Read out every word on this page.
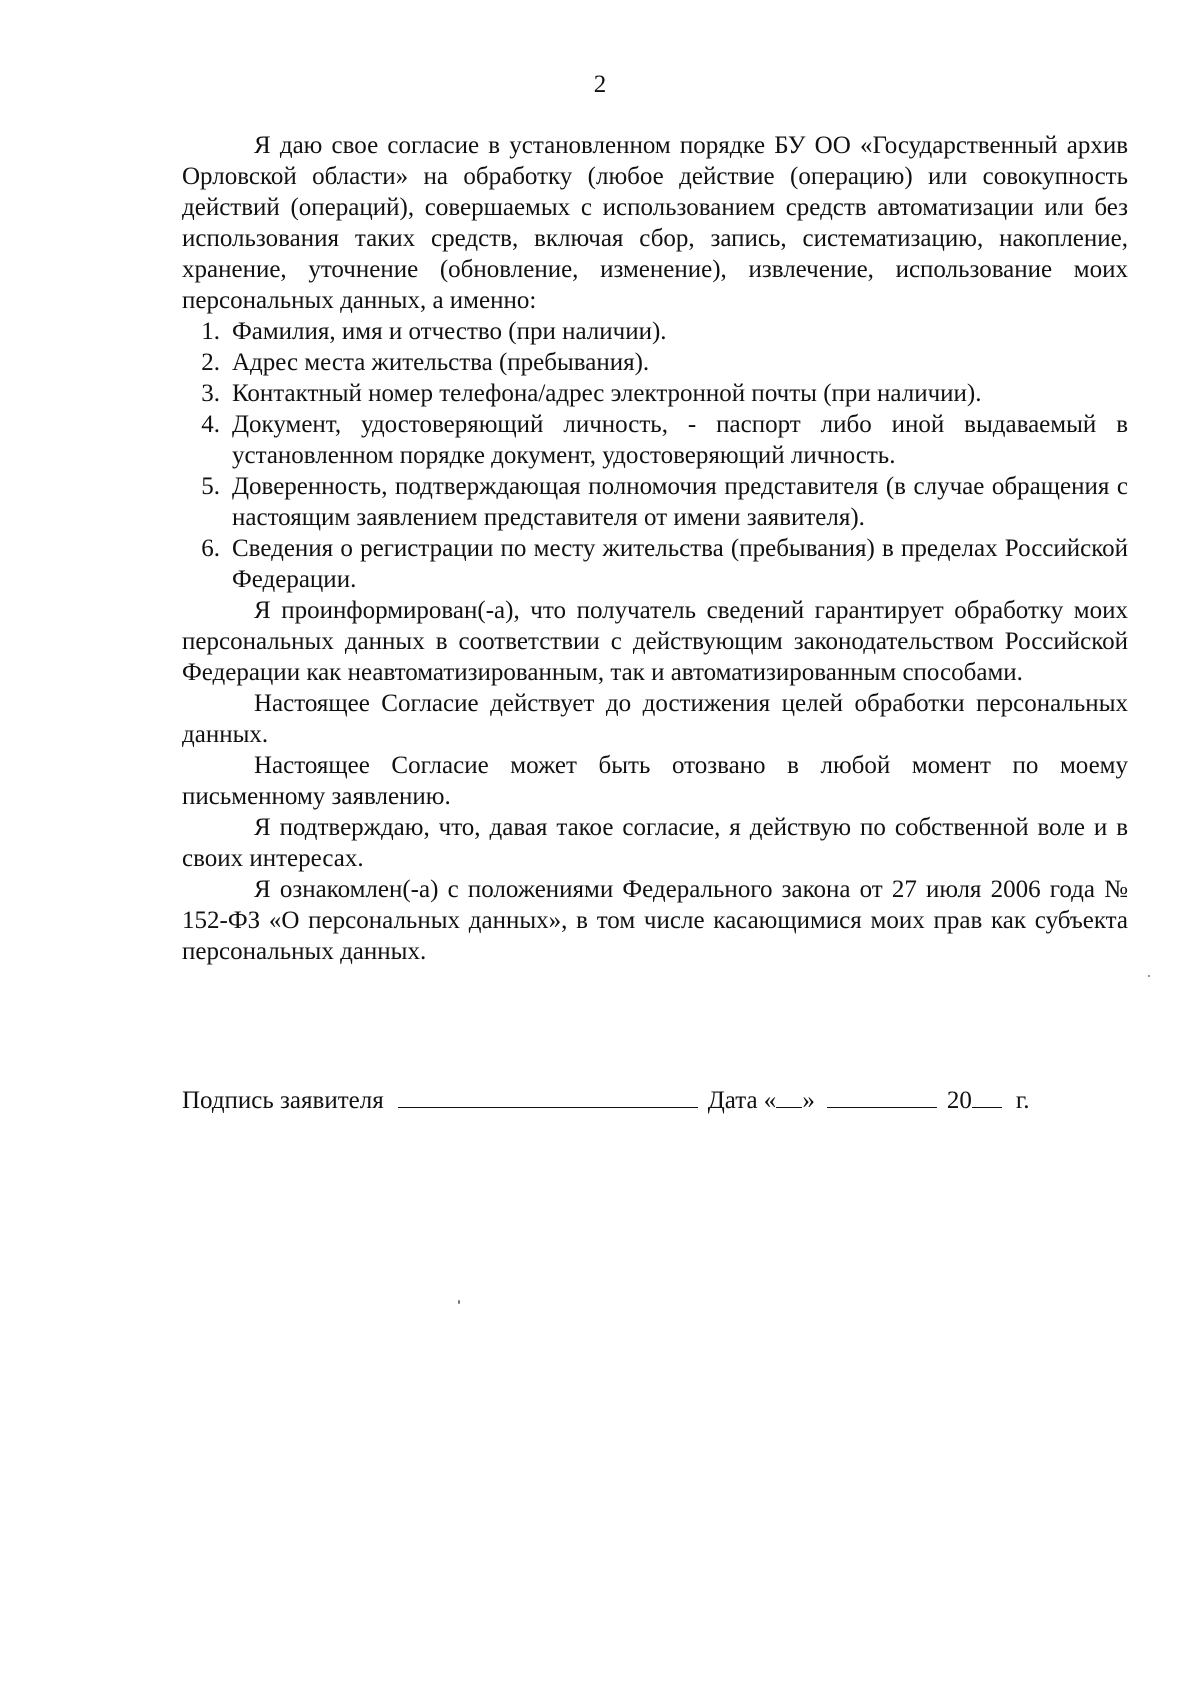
2

Я даю свое согласие в установленном порядке БУ ОО «Государственный архив Орловской области» на обработку (любое действие (операцию) или совокупность действий (операций), совершаемых с использованием средств автоматизации или без использования таких средств, включая сбор, запись, систематизацию, накопление, хранение, уточнение (обновление, изменение), извлечение, использование моих персональных данных, а именно:

1. Фамилия, имя и отчество (при наличии).
2. Адрес места жительства (пребывания).
3. Контактный номер телефона/адрес электронной почты (при наличии).
4. Документ, удостоверяющий личность, - паспорт либо иной выдаваемый в установленном порядке документ, удостоверяющий личность.
5. Доверенность, подтверждающая полномочия представителя (в случае обращения с настоящим заявлением представителя от имени заявителя).
6. Сведения о регистрации по месту жительства (пребывания) в пределах Российской Федерации.

Я проинформирован(-а), что получатель сведений гарантирует обработку моих персональных данных в соответствии с действующим законодательством Российской Федерации как неавтоматизированным, так и автоматизированным способами.

Настоящее Согласие действует до достижения целей обработки персональных данных.

Настоящее Согласие может быть отозвано в любой момент по моему письменному заявлению.

Я подтверждаю, что, давая такое согласие, я действую по собственной воле и в своих интересах.

Я ознакомлен(-а) с положениями Федерального закона от 27 июля 2006 года № 152-ФЗ «О персональных данных», в том числе касающимися моих прав как субъекта персональных данных.

Подпись заявителя	Дата « »	20 г.
